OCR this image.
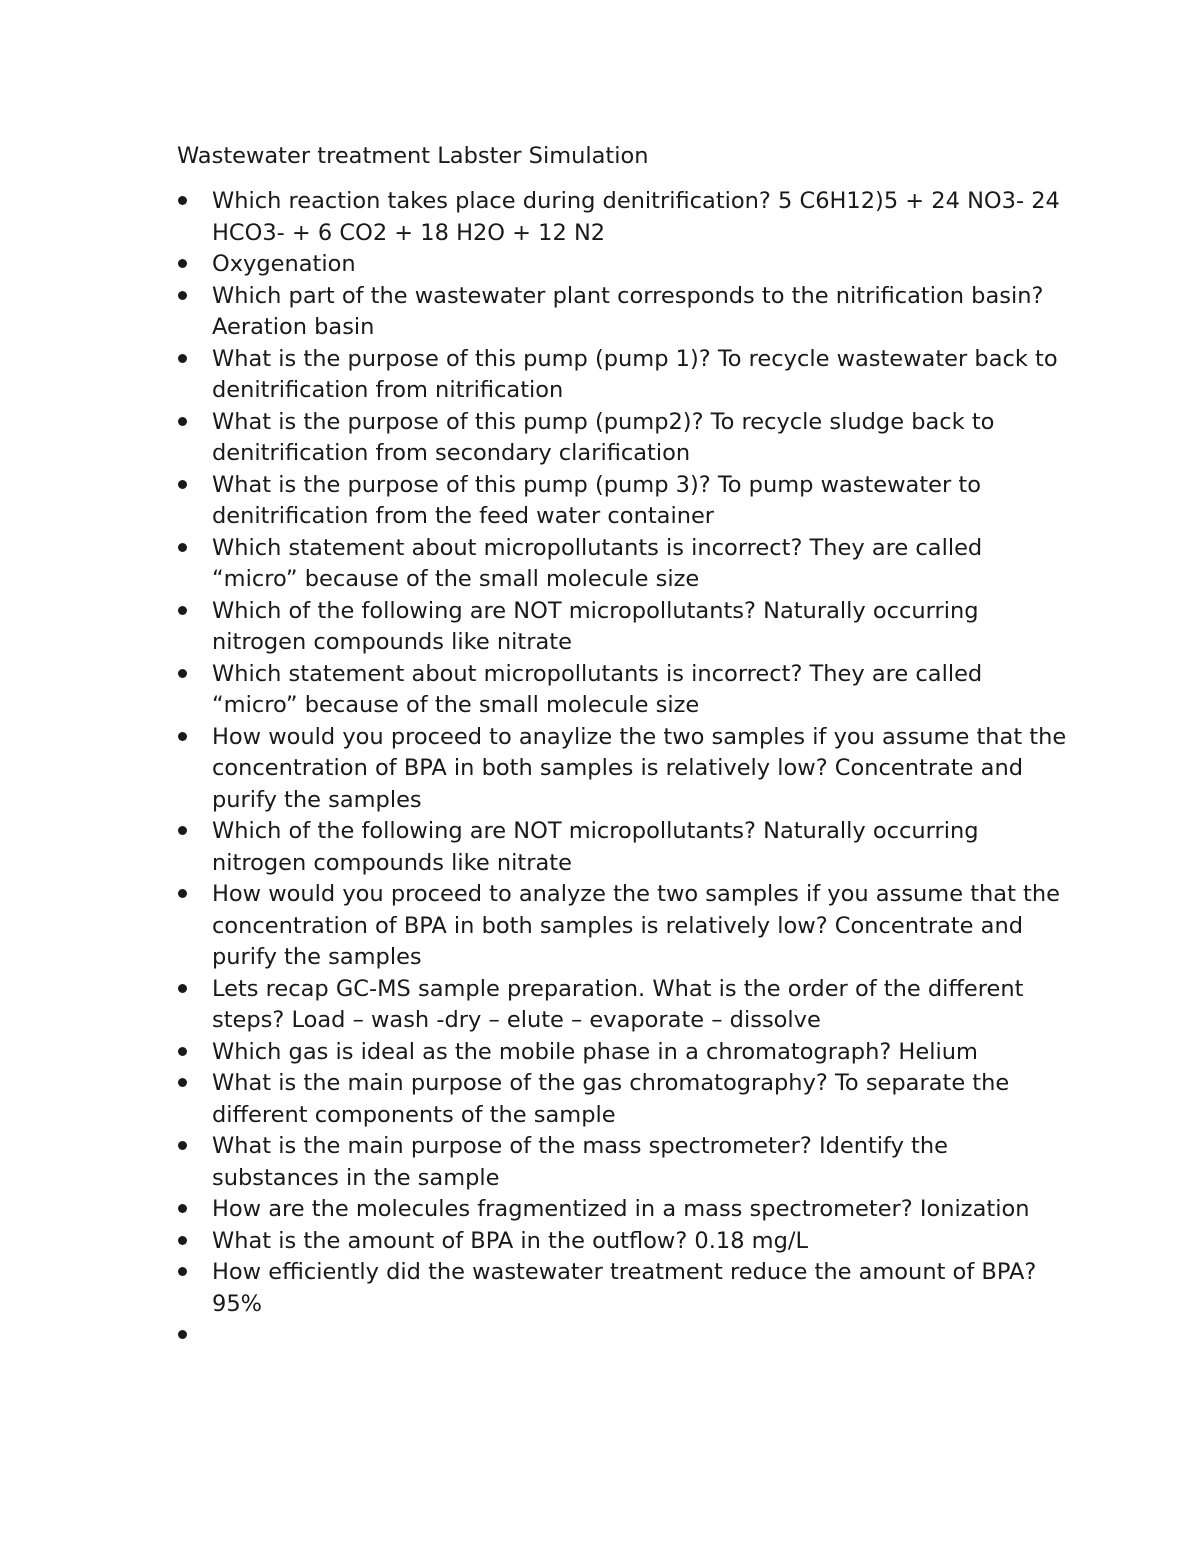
Wastewater treatment Labster Simulation
Which reaction takes place during denitrification? 5 C6H12)5 + 24 NO3- 24 HCO3- + 6 CO2 + 18 H2O + 12 N2
Oxygenation
Which part of the wastewater plant corresponds to the nitrification basin? Aeration basin
What is the purpose of this pump (pump 1)? To recycle wastewater back to denitrification from nitrification
What is the purpose of this pump (pump2)? To recycle sludge back to denitrification from secondary clarification
What is the purpose of this pump (pump 3)? To pump wastewater to denitrification from the feed water container
Which statement about micropollutants is incorrect? They are called “micro” because of the small molecule size
Which of the following are NOT micropollutants? Naturally occurring nitrogen compounds like nitrate
Which statement about micropollutants is incorrect? They are called “micro” because of the small molecule size
How would you proceed to anaylize the two samples if you assume that the concentration of BPA in both samples is relatively low? Concentrate and purify the samples
Which of the following are NOT micropollutants? Naturally occurring nitrogen compounds like nitrate
How would you proceed to analyze the two samples if you assume that the concentration of BPA in both samples is relatively low? Concentrate and purify the samples
Lets recap GC-MS sample preparation. What is the order of the different steps? Load – wash -dry – elute – evaporate – dissolve
Which gas is ideal as the mobile phase in a chromatograph? Helium
What is the main purpose of the gas chromatography? To separate the different components of the sample
What is the main purpose of the mass spectrometer? Identify the substances in the sample
How are the molecules fragmentized in a mass spectrometer? Ionization
What is the amount of BPA in the outflow? 0.18 mg/L
How efficiently did the wastewater treatment reduce the amount of BPA? 95%
